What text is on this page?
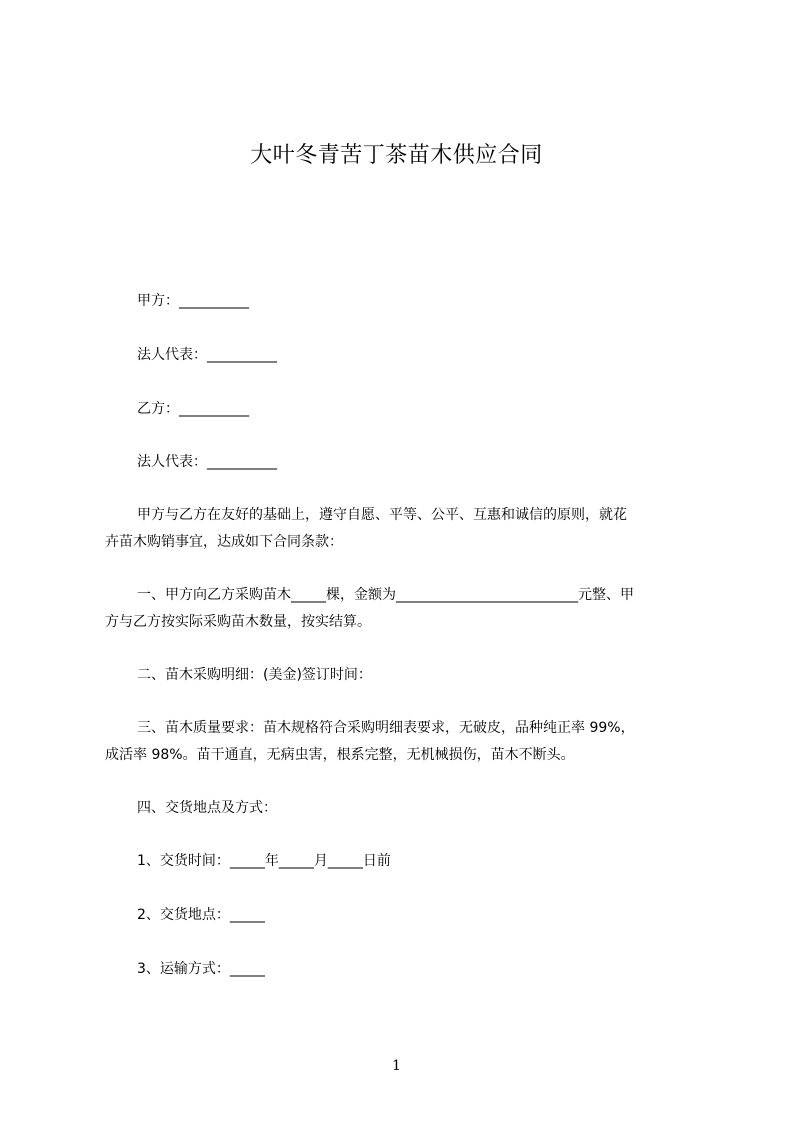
大叶冬青苦丁茶苗木供应合同
甲方：__________
法人代表：__________
乙方：__________
法人代表：__________
甲方与乙方在友好的基础上，遵守自愿、平等、公平、互惠和诚信的原则，就花
卉苗木购销事宜，达成如下合同条款：
一、甲方向乙方采购苗木_____棵，金额为__________________________元整、甲
方与乙方按实际采购苗木数量，按实结算。
二、苗木采购明细：(美金)签订时间：
三、苗木质量要求：苗木规格符合采购明细表要求，无破皮，品种纯正率 99%，
成活率 98%。苗干通直，无病虫害，根系完整，无机械损伤，苗木不断头。
四、交货地点及方式：
1、交货时间：_____年_____月_____日前
2、交货地点：_____
3、运输方式：_____
1
